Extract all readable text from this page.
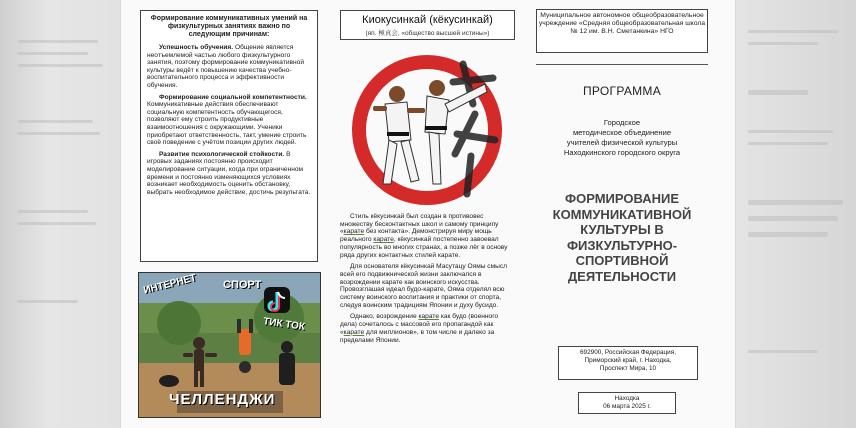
Формирование коммуникативных умений на физкультурных занятиях важно по следующим причинам:

Успешность обучения. Общение является неотъемлемой частью любого физкультурного занятия, поэтому формирование коммуникативной культуры ведёт к повышению качества учебно-воспитательного процесса и эффективности обучения.

Формирование социальной компетентности. Коммуникативные действия обеспечивают социальную компетентность обучающегося, позволяют ему строить продуктивные взаимоотношения с окружающими. Ученики приобретают ответственность, такт, умение строить своё поведение с учётом позиции других людей.

Развитие психологической стойкости. В игровых заданиях постоянно происходит моделирование ситуации, когда при ограниченном времени и постоянно изменяющихся условиях возникает необходимость оценить обстановку, выбрать необходимое действие, достичь результата.

ИНТЕРНЕТ СПОРТ
ТИК ТОК
ЧЕЛЛЕНДЖИ
Киокусинкай (кёкусинкай)
(яп. 極真会, «общество высшей истины»)

Стиль кёкусинкай был создан в противовес множеству бесконтактных школ и самому принципу «карате без контакта». Демонстрируя миру мощь реального карате, кёкусинкай постепенно завоевал популярность во многих странах, а позже лёг в основу ряда других контактных стилей карате.

Для основателя кёкусинкай Масутацу Оямы смысл всей его подвижнической жизни заключался в возрождении карате как воинского искусства. Провозглашая идеал будо-карате, Ояма отделял всю систему воинского воспитания и практики от спорта, следуя воинским традициям Японии и духу бусидо.

Однако, возрождение карате как будо (военного дела) сочеталось с массовой его пропагандой как «карате для миллионов», в том числе и далеко за пределами Японии.

Муниципальное автономное общеобразовательное учреждение «Средняя общеобразовательная школа № 12 им. В.Н. Сметанкина» НГО
ПРОГРАММА
Городское
методическое объединение
учителей физической культуры
Находкинского городского округа
ФОРМИРОВАНИЕ
КОММУНИКАТИВНОЙ
КУЛЬТУРЫ В
ФИЗКУЛЬТУРНО-
СПОРТИВНОЙ
ДЕЯТЕЛЬНОСТИ
692900, Российская Федерация,
Приморский край, г. Находка,
Проспект Мира, 10
Находка
06 марта 2025 г.
